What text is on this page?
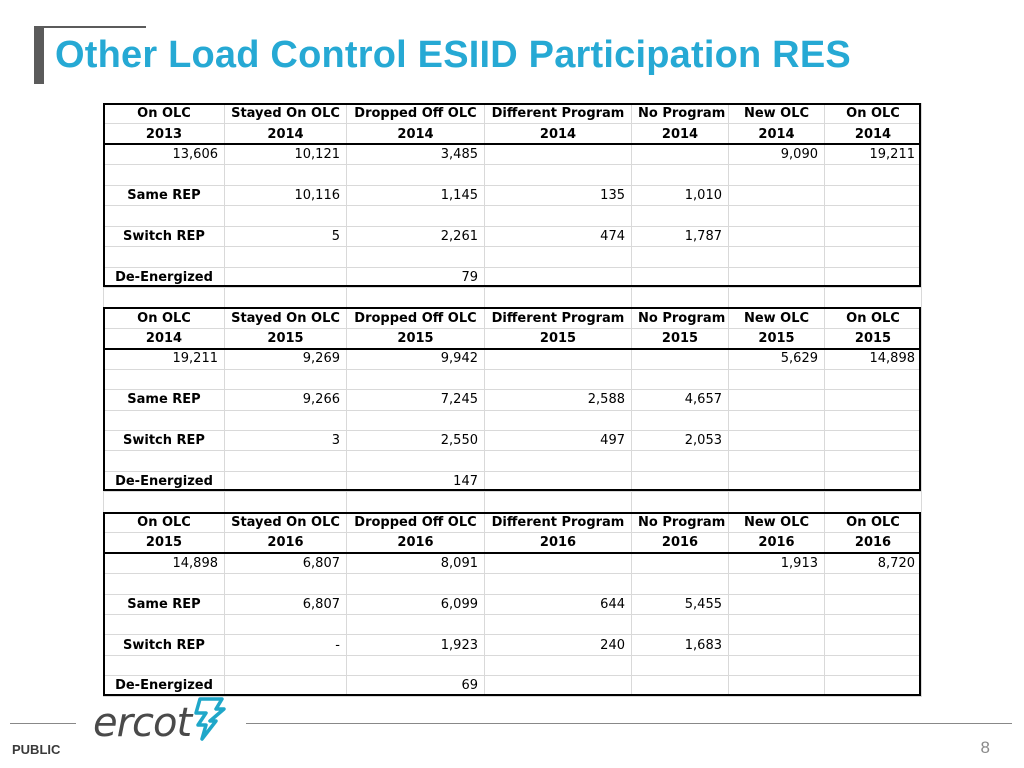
Other Load Control ESIID Participation RES
On OLC	Stayed On OLC	Dropped Off OLC	Different Program	No Program	New OLC	On OLC
2013	2014	2014	2014	2014	2014	2014
13,606	10,121	3,485			9,090	19,211

Same REP	10,116	1,145	135	1,010		

Switch REP	5	2,261	474	1,787		

De-Energized		79				

On OLC	Stayed On OLC	Dropped Off OLC	Different Program	No Program	New OLC	On OLC
2014	2015	2015	2015	2015	2015	2015
19,211	9,269	9,942			5,629	14,898

Same REP	9,266	7,245	2,588	4,657		

Switch REP	3	2,550	497	2,053		

De-Energized		147				

On OLC	Stayed On OLC	Dropped Off OLC	Different Program	No Program	New OLC	On OLC
2015	2016	2016	2016	2016	2016	2016
14,898	6,807	8,091			1,913	8,720

Same REP	6,807	6,099	644	5,455		

Switch REP	-	1,923	240	1,683		

De-Energized		69				
ercot
PUBLIC	8
